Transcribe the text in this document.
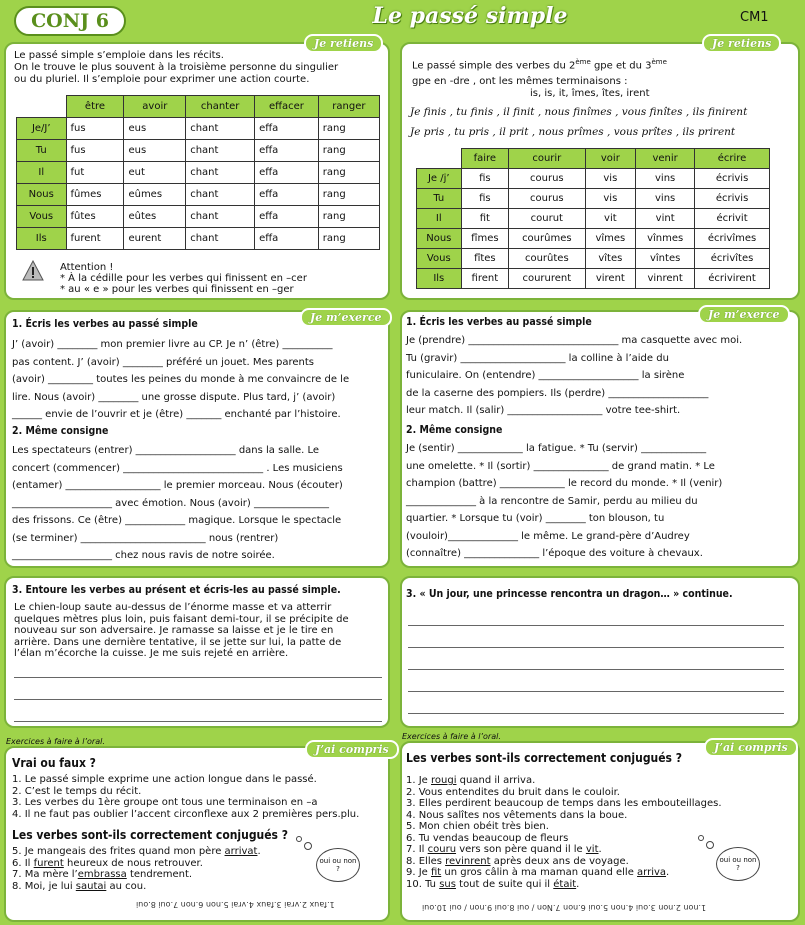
CONJ 6	Le passé simple	CM1
Le passé simple s’emploie dans les récits.
On le trouve le plus souvent à la troisième personne du singulier
ou du pluriel. Il s’emploie pour exprimer une action courte.
	être	avoir	chanter	effacer	ranger
Je/J’	fus	eus	chant	effa	rang
Tu	fus	eus	chant	effa	rang
Il	fut	eut	chant	effa	rang
Nous	fûmes	eûmes	chant	effa	rang
Vous	fûtes	eûtes	chant	effa	rang
Ils	furent	eurent	chant	effa	rang
Attention !
* À la cédille pour les verbes qui finissent en –cer
* au « e » pour les verbes qui finissent en –ger
Je retiens
Le passé simple des verbes du 2ème gpe et du 3ème
gpe en -dre , ont les mêmes terminaisons :
is, is, it, îmes, îtes, irent
Je finis , tu finis , il finit , nous finîmes , vous finîtes , ils finirent
Je pris , tu pris , il prit , nous prîmes , vous prîtes , ils prirent
	faire	courir	voir	venir	écrire
Je /j’	fis	courus	vis	vins	écrivis
Tu	fis	courus	vis	vins	écrivis
Il	fit	courut	vit	vint	écrivit
Nous	fîmes	courûmes	vîmes	vînmes	écrivîmes
Vous	fîtes	courûtes	vîtes	vîntes	écrivîtes
Ils	firent	coururent	virent	vinrent	écrivirent
Je retiens
1. Écris les verbes au passé simple
J’ (avoir) ________ mon premier livre au CP. Je n’ (être) __________
pas content. J’ (avoir) ________ préféré un jouet. Mes parents
(avoir) _________ toutes les peines du monde à me convaincre de le
lire. Nous (avoir) ________ une grosse dispute. Plus tard, j’ (avoir)
______ envie de l’ouvrir et je (être) _______ enchanté par l’histoire.
2. Même consigne
Les spectateurs (entrer) ____________________ dans la salle. Le
concert (commencer) ____________________________ . Les musiciens
(entamer) ___________________ le premier morceau. Nous (écouter)
____________________ avec émotion. Nous (avoir) _______________
des frissons. Ce (être) ____________ magique. Lorsque le spectacle
(se terminer) _________________________ nous (rentrer)
____________________ chez nous ravis de notre soirée.
Je m’exerce	1. Écris les verbes au passé simple
Je (prendre) ______________________________ ma casquette avec moi.
Tu (gravir) _____________________ la colline à l’aide du
funiculaire. On (entendre) ____________________ la sirène
de la caserne des pompiers. Ils (perdre) ____________________
leur match. Il (salir) ___________________ votre tee-shirt.
2. Même consigne
Je (sentir) _____________ la fatigue. * Tu (servir) _____________
une omelette. * Il (sortir) _______________ de grand matin. * Le
champion (battre) _____________ le record du monde. * Il (venir)
______________ à la rencontre de Samir, perdu au milieu du
quartier. * Lorsque tu (voir) ________ ton blouson, tu
(vouloir)______________ le même. Le grand-père d’Audrey
(connaître) _______________ l’époque des voiture à chevaux.
Je m’exerce
3. Entoure les verbes au présent et écris-les au passé simple.
Le chien-loup saute au-dessus de l’énorme masse et va atterrir
quelques mètres plus loin, puis faisant demi-tour, il se précipite de
nouveau sur son adversaire. Je ramasse sa laisse et je le tire en
arrière. Dans une dernière tentative, il se jette sur lui, la patte de
l’élan m’écorche la cuisse. Je me suis rejeté en arrière.
3. « Un jour, une princesse rencontra un dragon… » continue.
Exercices à faire à l’oral.
Exercices à faire à l’oral.
Vrai ou faux ?
1. Le passé simple exprime une action longue dans le passé.
2. C’est le temps du récit.
3. Les verbes du 1ère groupe ont tous une terminaison en –a
4. Il ne faut pas oublier l’accent circonflexe aux 2 premières pers.plu.
Les verbes sont-ils correctement conjugués ?
5. Je mangeais des frites quand mon père arrivat.
6. Il furent heureux de nous retrouver.
7. Ma mère l’embrassa tendrement.
8. Moi, je lui sautai au cou.
oui ou non ?
1.faux 2.vrai 3.faux 4.vrai 5.non 6.non 7.oui 8.oui
J’ai compris
Les verbes sont-ils correctement conjugués ?
1. Je rougi quand il arriva.
2. Vous entendites du bruit dans le couloir.
3. Elles perdirent beaucoup de temps dans les embouteillages.
4. Nous salîtes nos vêtements dans la boue.
5. Mon chien obéit très bien.
6. Tu vendas beaucoup de fleurs
7. Il couru vers son père quand il le vit.
8. Elles revinrent après deux ans de voyage.
9. Je fit un gros câlin à ma maman quand elle arriva.
10. Tu sus tout de suite qui il était.
oui ou non ?
1.non 2.non 3.oui 4.non 5.oui 6.non 7.Non / oui 8.oui 9.non / oui 10.oui
J’ai compris
